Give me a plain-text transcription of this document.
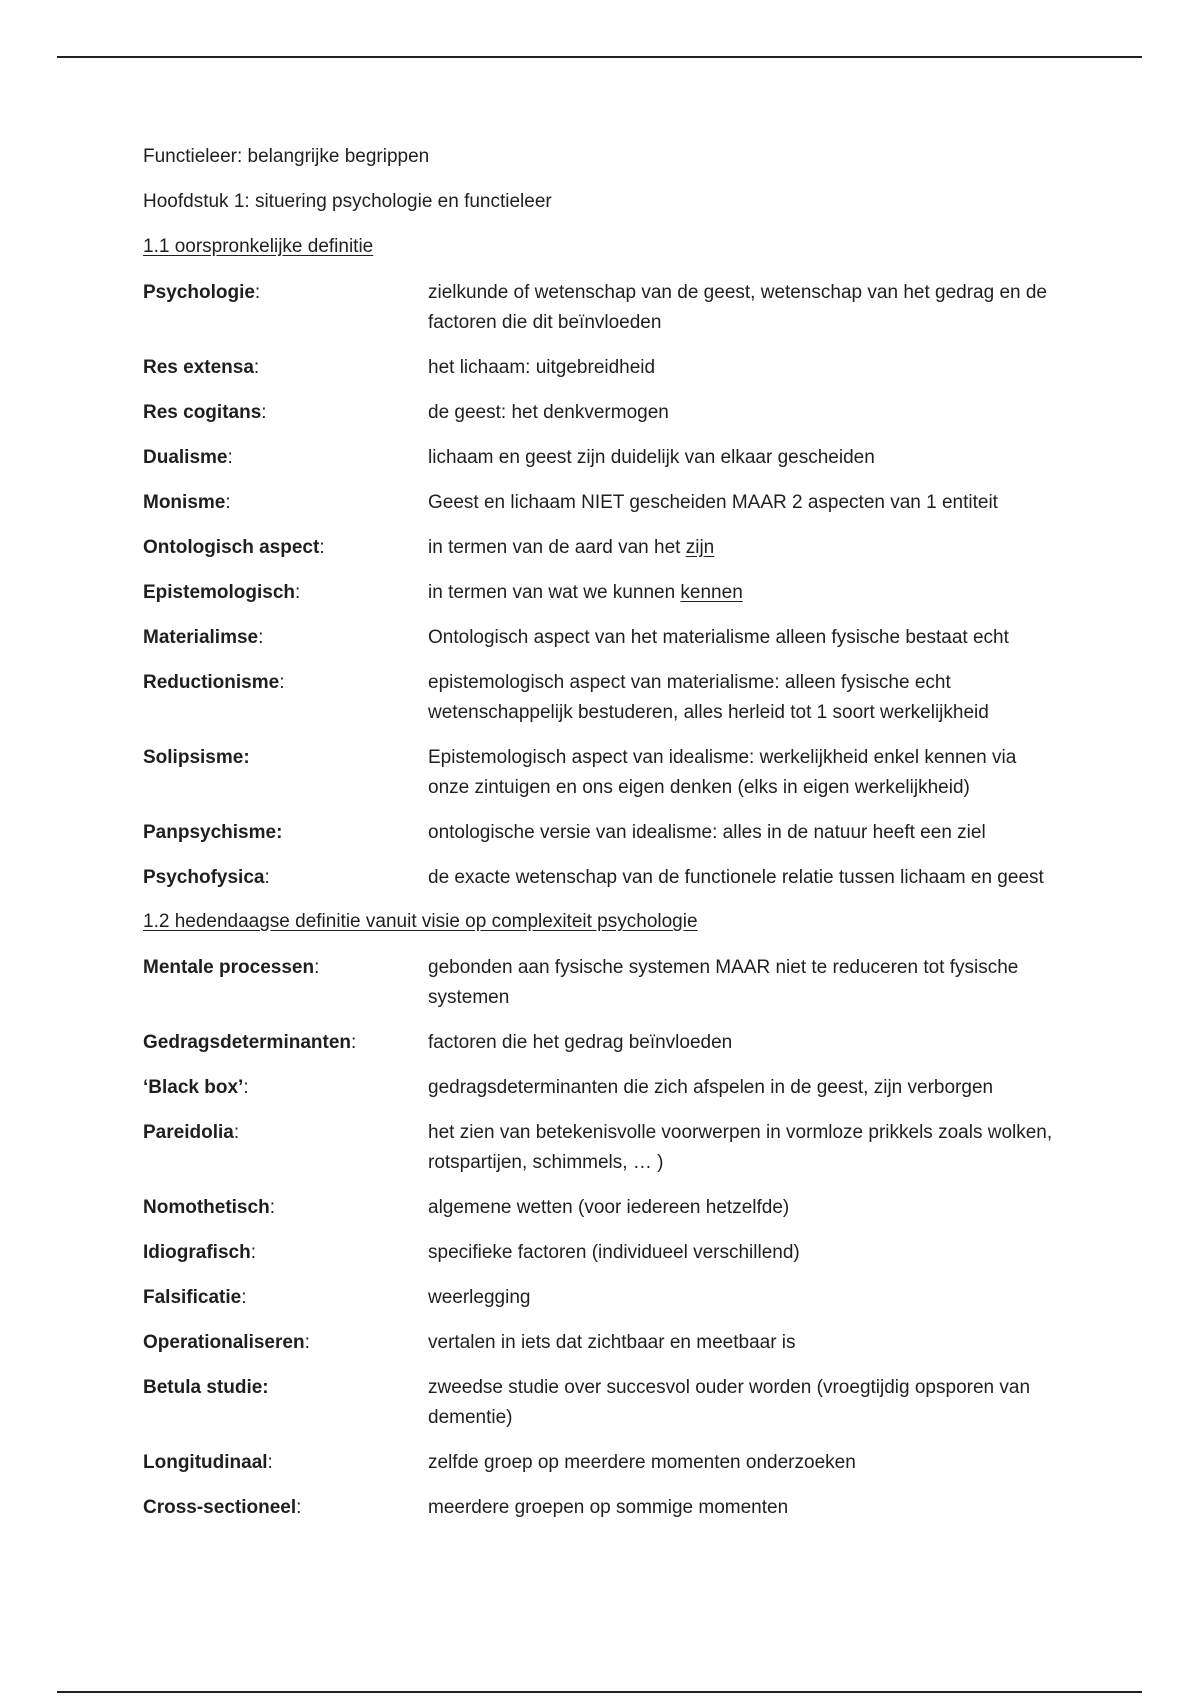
Functieleer: belangrijke begrippen
Hoofdstuk 1: situering psychologie en functieleer
1.1 oorspronkelijke definitie
Psychologie:	zielkunde of wetenschap van de geest, wetenschap van het gedrag en de factoren die dit beïnvloeden
Res extensa:	het lichaam: uitgebreidheid
Res cogitans:	de geest: het denkvermogen
Dualisme:	lichaam en geest zijn duidelijk van elkaar gescheiden
Monisme:	Geest en lichaam NIET gescheiden MAAR 2 aspecten van 1 entiteit
Ontologisch aspect:	in termen van de aard van het zijn
Epistemologisch:	in termen van wat we kunnen kennen
Materialimse:	Ontologisch aspect van het materialisme alleen fysische bestaat echt
Reductionisme:	epistemologisch aspect van materialisme: alleen fysische echt wetenschappelijk bestuderen, alles herleid tot 1 soort werkelijkheid
Solipsisme:	Epistemologisch aspect van idealisme: werkelijkheid enkel kennen via onze zintuigen en ons eigen denken (elks in eigen werkelijkheid)
Panpsychisme:	ontologische versie van idealisme: alles in de natuur heeft een ziel
Psychofysica:	de exacte wetenschap van de functionele relatie tussen lichaam en geest
1.2 hedendaagse definitie vanuit visie op complexiteit psychologie
Mentale processen:	gebonden aan fysische systemen MAAR niet te reduceren tot fysische systemen
Gedragsdeterminanten:	factoren die het gedrag beïnvloeden
‘Black box’:	gedragsdeterminanten die zich afspelen in de geest, zijn verborgen
Pareidolia:	het zien van betekenisvolle voorwerpen in vormloze prikkels zoals wolken, rotspartijen, schimmels, … )
Nomothetisch:	algemene wetten (voor iedereen hetzelfde)
Idiografisch:	specifieke factoren (individueel verschillend)
Falsificatie:	weerlegging
Operationaliseren:	vertalen in iets dat zichtbaar en meetbaar is
Betula studie:	zweedse studie over succesvol ouder worden (vroegtijdig opsporen van dementie)
Longitudinaal:	zelfde groep op meerdere momenten onderzoeken
Cross-sectioneel:	meerdere groepen op sommige momenten
